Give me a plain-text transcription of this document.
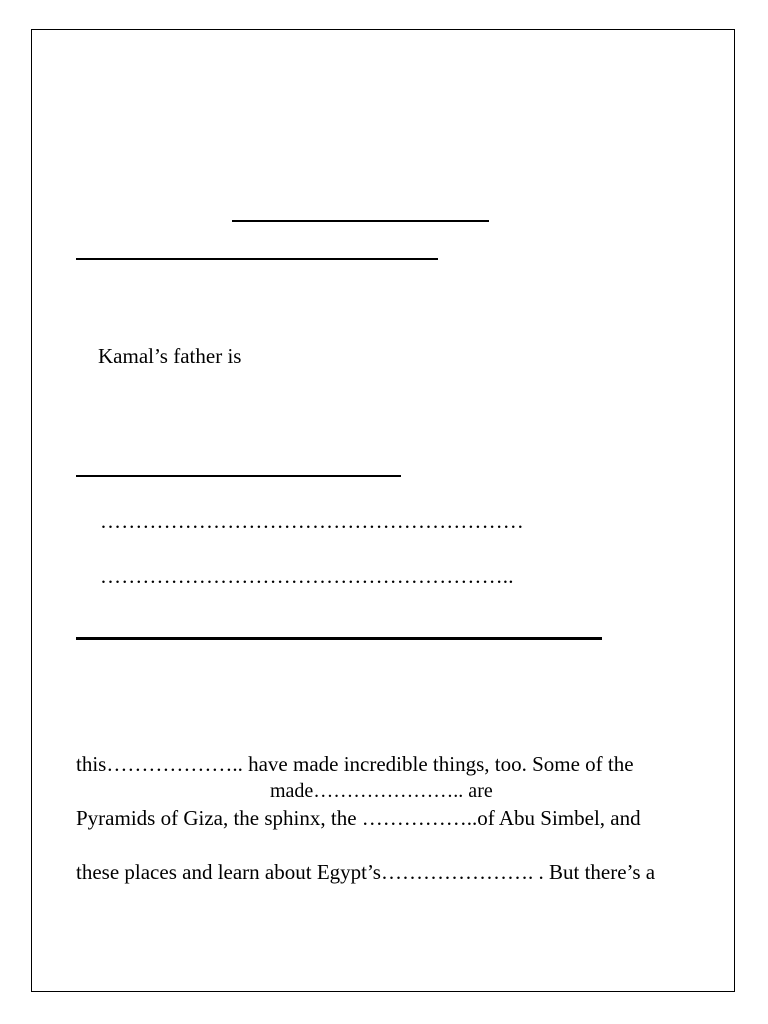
Kamal’s father is
……………………………………………………
…………………………………………………..
this……………….. have made incredible things, too. Some of the
made………………….. are
Pyramids of Giza, the sphinx, the ……………..of Abu Simbel, and
these places and learn about Egypt’s…………………. . But there’s a
